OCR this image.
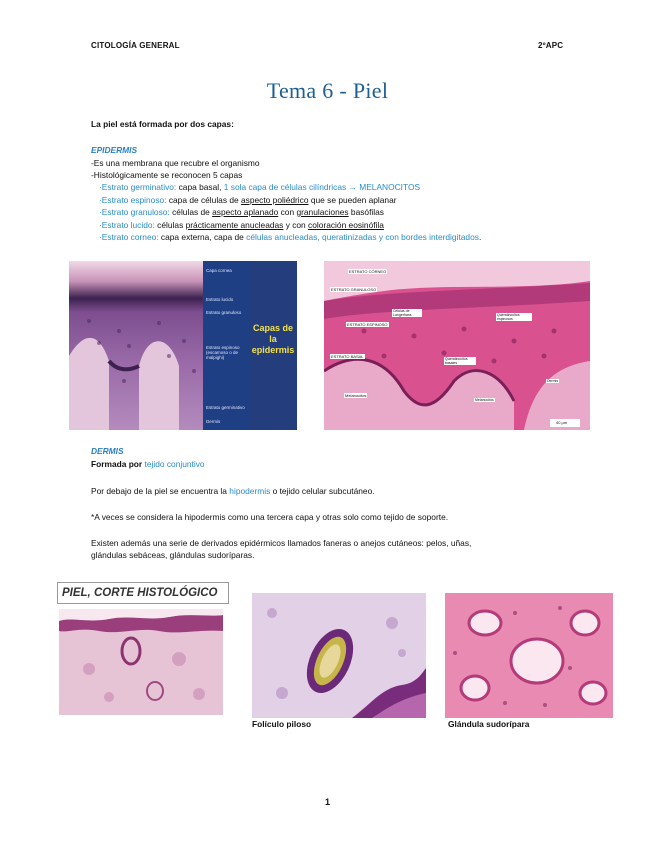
CITOLOGÍA GENERAL	2ºAPC
Tema 6 - Piel
La piel está formada por dos capas:
EPIDERMIS
-Es una membrana que recubre el organismo
-Histológicamente se reconocen 5 capas
·Estrato germinativo: capa basal, 1 sola capa de células cilíndricas → MELANOCITOS
·Estrato espinoso: capa de células de aspecto poliédrico que se pueden aplanar
·Estrato granuloso: células de aspecto aplanado con granulaciones basófilas
·Estrato lucido: células prácticamente anucleadas y con coloración eosinófila
·Estrato corneo: capa externa, capa de células anucleadas, queratinizadas y con bordes interdigitados.
Capa cornea
Estrato lucido
Estrato granuloso
Estrato espinoso (escamoso o de malpighi)
Estrato germinativo
Dermis
Capas de la epidermis
ESTRATO CÓRNEO
ESTRATO GRANULOSO
ESTRATO ESPINOSO
ESTRATO BASAL
Melanocitos
Células de Langerhans	Queratinocitos espinosos
Queratinocitos basales
Melanocitos
Dermis
40 μm
DERMIS
Formada por tejido conjuntivo
Por debajo de la piel se encuentra la hipodermis o tejido celular subcutáneo.
*A veces se considera la hipodermis como una tercera capa y otras solo como tejido de soporte.
Existen además una serie de derivados epidérmicos llamados faneras o anejos cutáneos: pelos, uñas,
glándulas sebáceas, glándulas sudoríparas.
PIEL, CORTE HISTOLÓGICO
Folículo piloso	Glándula sudorípara
1
